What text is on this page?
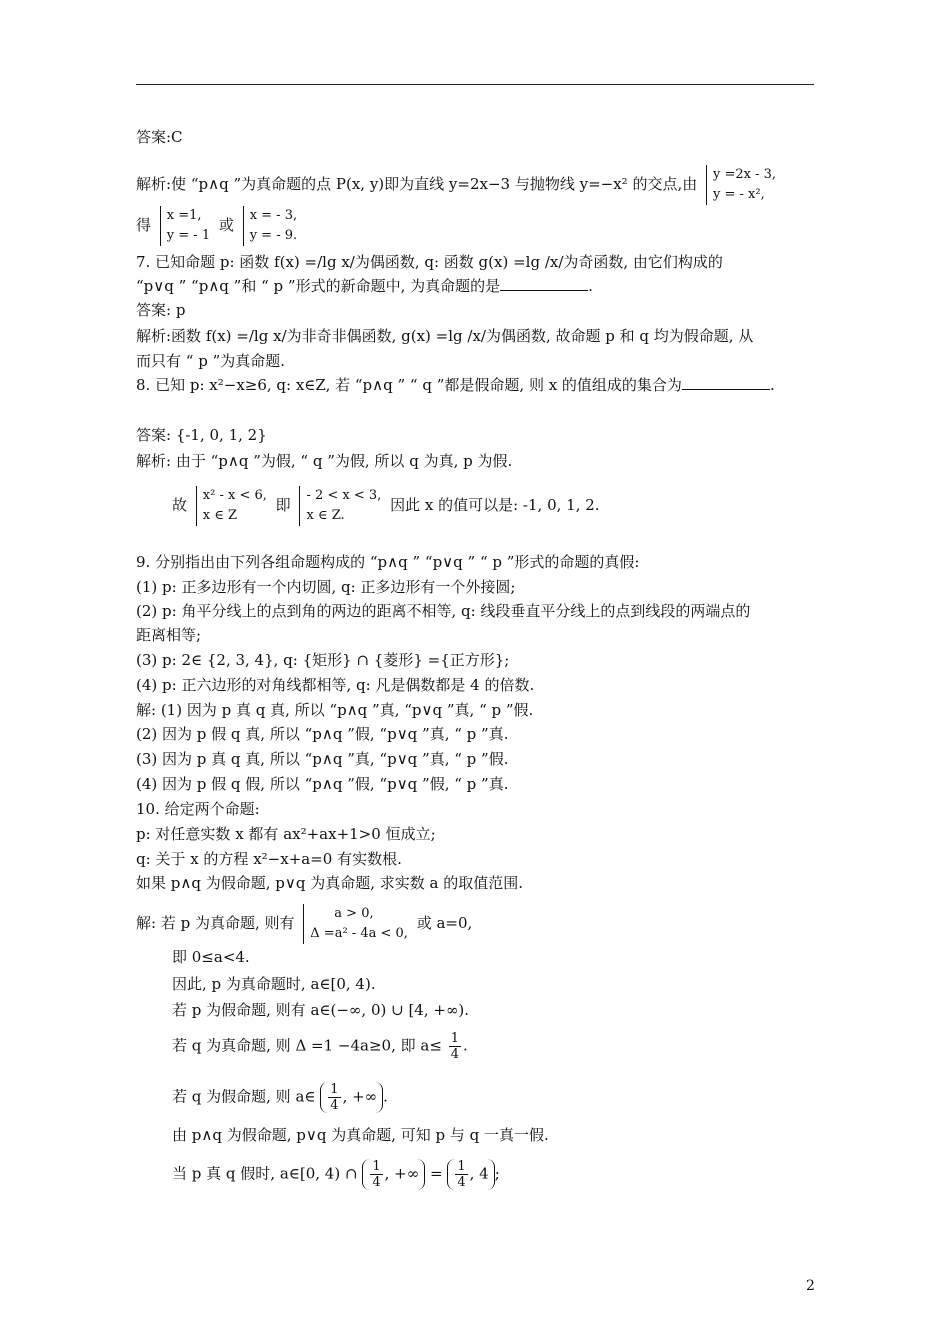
答案:C
解析:使 “p∧q ”为真命题的点 P(x, y)即为直线 y=2x−3 与抛物线 y=−x² 的交点,由
y =2x - 3,
y = - x²,
得
x =1,
y = - 1
或
x = - 3,
y = - 9.
7. 已知命题 p: 函数 f(x) =/lg x/为偶函数, q: 函数 g(x) =lg /x/为奇函数, 由它们构成的
“p∨q ” “p∧q ”和 “ p ”形式的新命题中, 为真命题的是	.
答案: p
解析:函数 f(x) =/lg x/为非奇非偶函数, g(x) =lg /x/为偶函数, 故命题 p 和 q 均为假命题, 从
而只有 “ p ”为真命题.
8. 已知 p: x²−x≥6, q: x∈Z, 若 “p∧q ” “ q ”都是假命题, 则 x 的值组成的集合为	.
答案: {-1, 0, 1, 2}
解析: 由于 “p∧q ”为假, “ q ”为假, 所以 q 为真, p 为假.
故
x² - x < 6,
x ∈ Z
即
- 2 < x < 3,
x ∈ Z.
因此 x 的值可以是: -1, 0, 1, 2.
9. 分别指出由下列各组命题构成的 “p∧q ” “p∨q ” “ p ”形式的命题的真假:
(1) p: 正多边形有一个内切圆, q: 正多边形有一个外接圆;
(2) p: 角平分线上的点到角的两边的距离不相等, q: 线段垂直平分线上的点到线段的两端点的
距离相等;
(3) p: 2∈ {2, 3, 4}, q: {矩形} ∩ {菱形} ={正方形};
(4) p: 正六边形的对角线都相等, q: 凡是偶数都是 4 的倍数.
解: (1) 因为 p 真 q 真, 所以 “p∧q ”真, “p∨q ”真, “ p ”假.
(2) 因为 p 假 q 真, 所以 “p∧q ”假, “p∨q ”真, “ p ”真.
(3) 因为 p 真 q 真, 所以 “p∧q ”真, “p∨q ”真, “ p ”假.
(4) 因为 p 假 q 假, 所以 “p∧q ”假, “p∨q ”假, “ p ”真.
10. 给定两个命题:
p: 对任意实数 x 都有 ax²+ax+1>0 恒成立;
q: 关于 x 的方程 x²−x+a=0 有实数根.
如果 p∧q 为假命题, p∨q 为真命题, 求实数 a 的取值范围.
解: 若 p 为真命题, 则有
a > 0,
Δ =a² - 4a < 0,
或 a=0,
即 0≤a<4.
因此, p 为真命题时, a∈[0, 4).
若 p 为假命题, 则有 a∈(−∞, 0) ∪ [4, +∞).
若 q 为真命题, 则 Δ =1 −4a≥0, 即 $a\le \frac{1}{4}$ .
若 q 为假命题, 则 a∈ $\frac{1}{4}$ , +∞ .
由 p∧q 为假命题, p∨q 为真命题, 可知 p 与 q 一真一假.
当 p 真 q 假时, a∈[0, 4) ∩ $\frac{1}{4}$ , +∞ = $\frac{1}{4}$ , 4 ;
2
